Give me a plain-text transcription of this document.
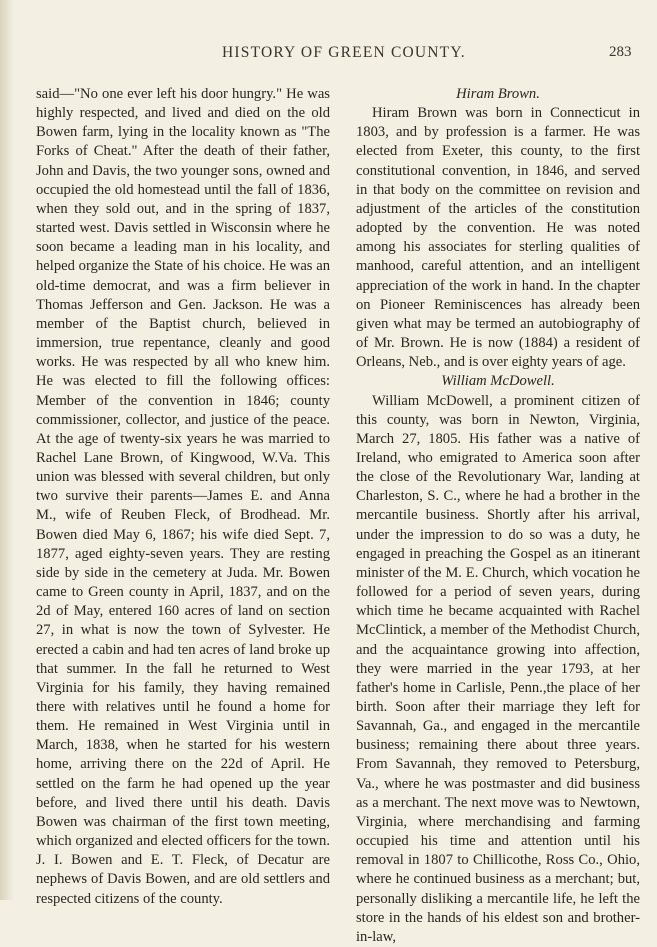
HISTORY OF GREEN COUNTY.	283

said—"No one ever left his door hungry." He was highly respected, and lived and died on the old Bowen farm, lying in the locality known as "The Forks of Cheat." After the death of their father, John and Davis, the two younger sons, owned and occupied the old homestead until the fall of 1836, when they sold out, and in the spring of 1837, started west. Davis settled in Wisconsin where he soon became a leading man in his locality, and helped organize the State of his choice. He was an old-time democrat, and was a firm believer in Thomas Jefferson and Gen. Jackson. He was a member of the Baptist church, believed in immersion, true repentance, cleanly and good works. He was respected by all who knew him. He was elected to fill the following offices: Member of the convention in 1846; county commissioner, collector, and justice of the peace. At the age of twenty-six years he was married to Rachel Lane Brown, of Kingwood, W.Va. This union was blessed with several children, but only two survive their parents—James E. and Anna M., wife of Reuben Fleck, of Brodhead. Mr. Bowen died May 6, 1867; his wife died Sept. 7, 1877, aged eighty-seven years. They are resting side by side in the cemetery at Juda. Mr. Bowen came to Green county in April, 1837, and on the 2d of May, entered 160 acres of land on section 27, in what is now the town of Sylvester. He erected a cabin and had ten acres of land broke up that summer. In the fall he returned to West Virginia for his family, they having remained there with relatives until he found a home for them. He remained in West Virginia until in March, 1838, when he started for his western home, arriving there on the 22d of April. He settled on the farm he had opened up the year before, and lived there until his death. Davis Bowen was chairman of the first town meeting, which organized and elected officers for the town. J. I. Bowen and E. T. Fleck, of Decatur are nephews of Davis Bowen, and are old settlers and respected citizens of the county.

Hiram Brown.

Hiram Brown was born in Connecticut in 1803, and by profession is a farmer. He was elected from Exeter, this county, to the first constitutional convention, in 1846, and served in that body on the committee on revision and adjustment of the articles of the constitution adopted by the convention. He was noted among his associates for sterling qualities of manhood, careful attention, and an intelligent appreciation of the work in hand. In the chapter on Pioneer Reminiscences has already been given what may be termed an autobiography of of Mr. Brown. He is now (1884) a resident of Orleans, Neb., and is over eighty years of age.

William McDowell.

William McDowell, a prominent citizen of this county, was born in Newton, Virginia, March 27, 1805. His father was a native of Ireland, who emigrated to America soon after the close of the Revolutionary War, landing at Charleston, S. C., where he had a brother in the mercantile business. Shortly after his arrival, under the impression to do so was a duty, he engaged in preaching the Gospel as an itinerant minister of the M. E. Church, which vocation he followed for a period of seven years, during which time he became acquainted with Rachel McClintick, a member of the Methodist Church, and the acquaintance growing into affection, they were married in the year 1793, at her father's home in Carlisle, Penn.,the place of her birth. Soon after their marriage they left for Savannah, Ga., and engaged in the mercantile business; remaining there about three years. From Savannah, they removed to Petersburg, Va., where he was postmaster and did business as a merchant. The next move was to Newtown, Virginia, where merchandising and farming occupied his time and attention until his removal in 1807 to Chillicothe, Ross Co., Ohio, where he continued business as a merchant; but, personally disliking a mercantile life, he left the store in the hands of his eldest son and brother-in-law,
